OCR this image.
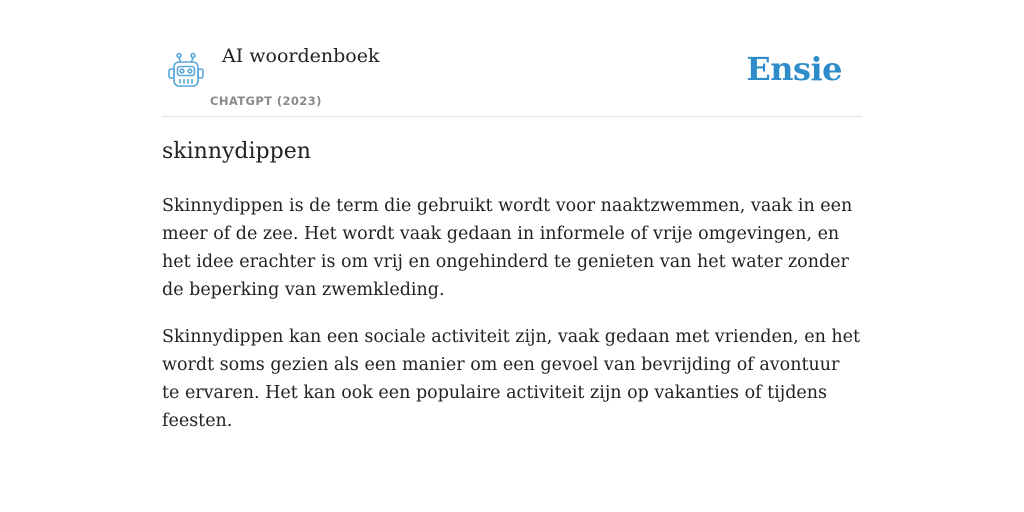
AI woordenboek
CHATGPT (2023)
Ensie
skinnydippen

Skinnydippen is de term die gebruikt wordt voor naaktzwemmen, vaak in een meer of de zee. Het wordt vaak gedaan in informele of vrije omgevingen, en het idee erachter is om vrij en ongehinderd te genieten van het water zonder de beperking van zwemkleding.

Skinnydippen kan een sociale activiteit zijn, vaak gedaan met vrienden, en het wordt soms gezien als een manier om een gevoel van bevrijding of avontuur te ervaren. Het kan ook een populaire activiteit zijn op vakanties of tijdens feesten.
